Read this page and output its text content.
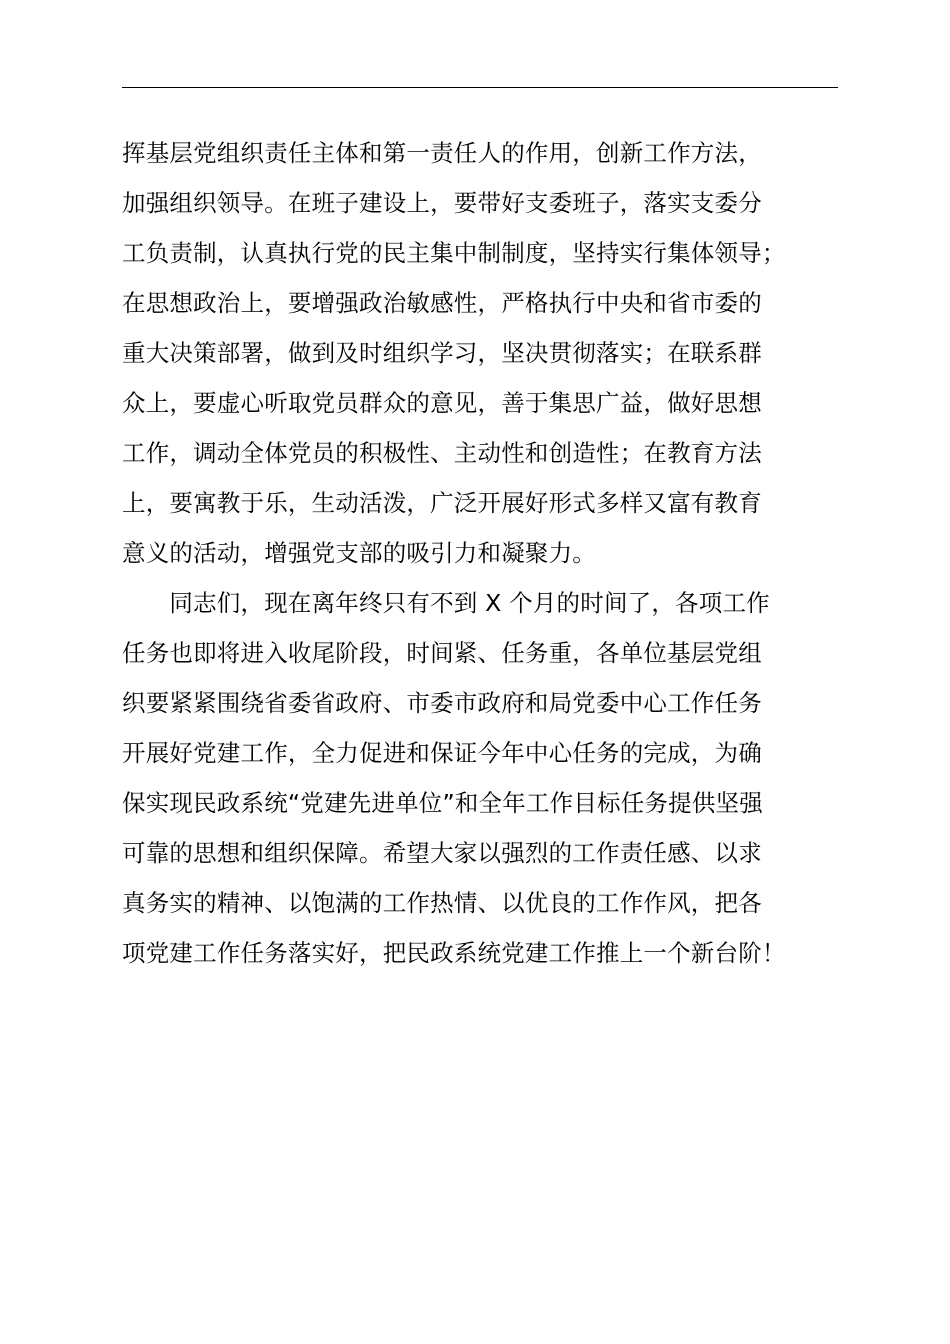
挥基层党组织责任主体和第一责任人的作用，创新工作方法，
加强组织领导。在班子建设上，要带好支委班子，落实支委分
工负责制，认真执行党的民主集中制制度，坚持实行集体领导；
在思想政治上，要增强政治敏感性，严格执行中央和省市委的
重大决策部署，做到及时组织学习，坚决贯彻落实；在联系群
众上，要虚心听取党员群众的意见，善于集思广益，做好思想
工作，调动全体党员的积极性、主动性和创造性；在教育方法
上，要寓教于乐，生动活泼，广泛开展好形式多样又富有教育
意义的活动，增强党支部的吸引力和凝聚力。
　　同志们，现在离年终只有不到 X 个月的时间了，各项工作
任务也即将进入收尾阶段，时间紧、任务重，各单位基层党组
织要紧紧围绕省委省政府、市委市政府和局党委中心工作任务
开展好党建工作，全力促进和保证今年中心任务的完成，为确
保实现民政系统“党建先进单位”和全年工作目标任务提供坚强
可靠的思想和组织保障。希望大家以强烈的工作责任感、以求
真务实的精神、以饱满的工作热情、以优良的工作作风，把各
项党建工作任务落实好，把民政系统党建工作推上一个新台阶！
